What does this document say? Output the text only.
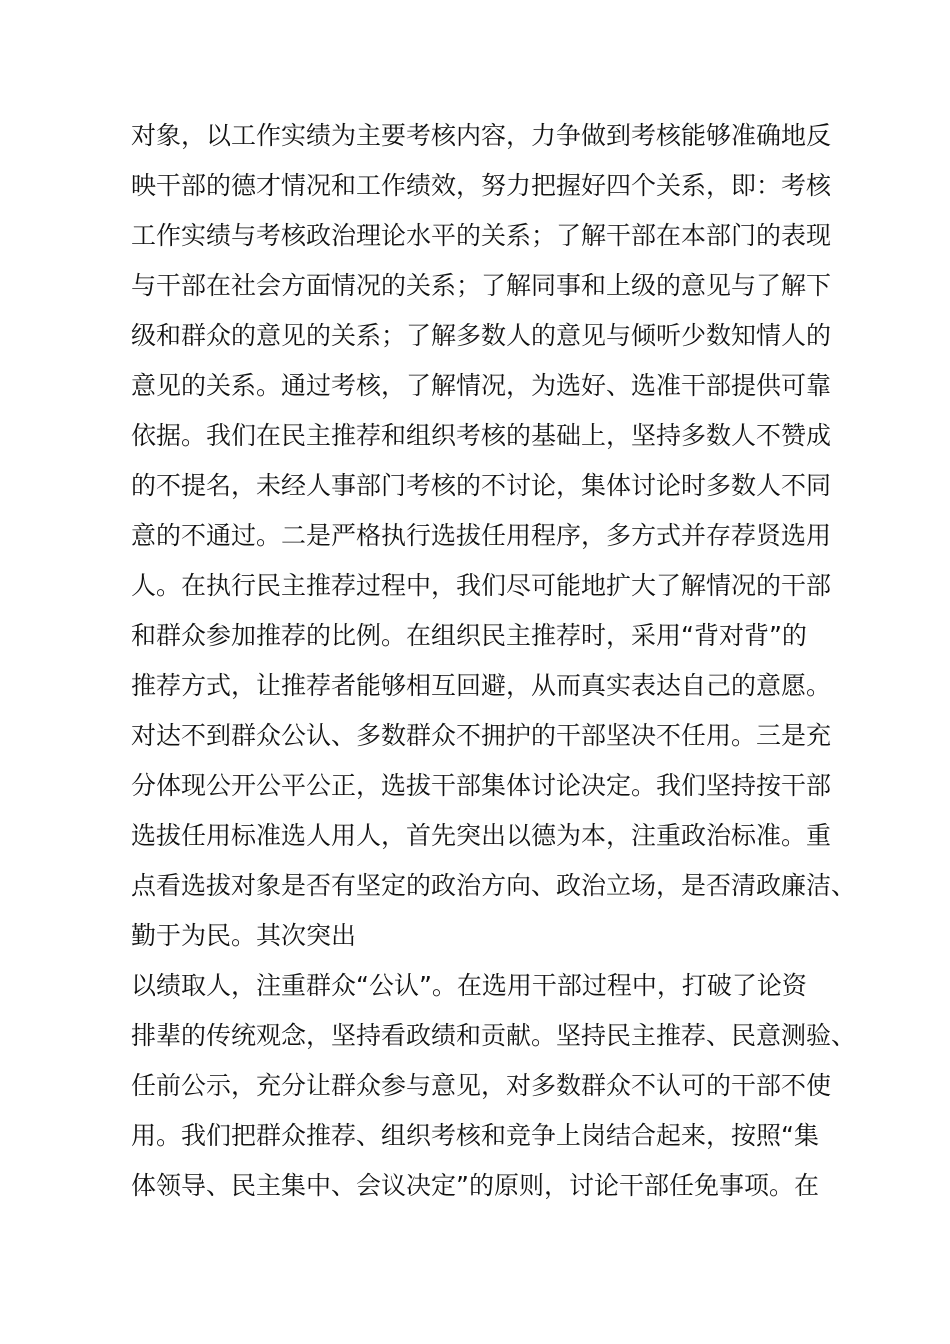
对象，以工作实绩为主要考核内容，力争做到考核能够准确地反
映干部的德才情况和工作绩效，努力把握好四个关系，即：考核
工作实绩与考核政治理论水平的关系；了解干部在本部门的表现
与干部在社会方面情况的关系；了解同事和上级的意见与了解下
级和群众的意见的关系；了解多数人的意见与倾听少数知情人的
意见的关系。通过考核，了解情况，为选好、选准干部提供可靠
依据。我们在民主推荐和组织考核的基础上，坚持多数人不赞成
的不提名，未经人事部门考核的不讨论，集体讨论时多数人不同
意的不通过。二是严格执行选拔任用程序，多方式并存荐贤选用
人。在执行民主推荐过程中，我们尽可能地扩大了解情况的干部
和群众参加推荐的比例。在组织民主推荐时，采用“背对背”的
推荐方式，让推荐者能够相互回避，从而真实表达自己的意愿。
对达不到群众公认、多数群众不拥护的干部坚决不任用。三是充
分体现公开公平公正，选拔干部集体讨论决定。我们坚持按干部
选拔任用标准选人用人，首先突出以德为本，注重政治标准。重
点看选拔对象是否有坚定的政治方向、政治立场，是否清政廉洁、
勤于为民。其次突出
以绩取人，注重群众“公认”。在选用干部过程中，打破了论资
排辈的传统观念，坚持看政绩和贡献。坚持民主推荐、民意测验、
任前公示，充分让群众参与意见，对多数群众不认可的干部不使
用。我们把群众推荐、组织考核和竞争上岗结合起来，按照“集
体领导、民主集中、会议决定”的原则，讨论干部任免事项。在
